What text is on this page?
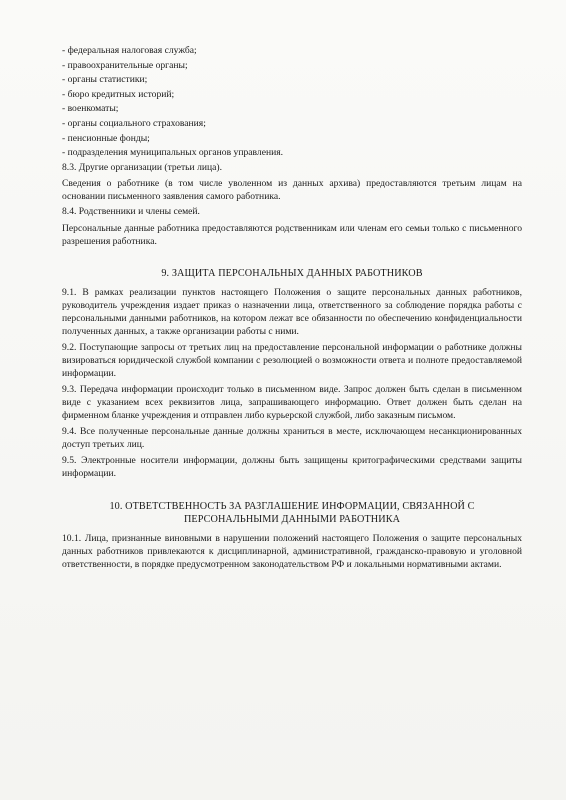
- федеральная налоговая служба;

- правоохранительные органы;

- органы статистики;

- бюро кредитных историй;

- военкоматы;

- органы социального страхования;

- пенсионные фонды;

- подразделения муниципальных органов управления.

8.3. Другие организации (третьи лица).

Сведения о работнике (в том числе уволенном из данных архива) предоставляются третьим лицам на основании письменного заявления самого работника.

8.4. Родственники и члены семей.

Персональные данные работника предоставляются родственникам или членам его семьи только с письменного разрешения работника.

9. ЗАЩИТА ПЕРСОНАЛЬНЫХ ДАННЫХ РАБОТНИКОВ

9.1. В рамках реализации пунктов настоящего Положения о защите персональных данных работников, руководитель учреждения издает приказ о назначении лица, ответственного за соблюдение порядка работы с персональными данными работников, на котором лежат все обязанности по обеспечению конфиденциальности полученных данных, а также организации работы с ними.

9.2. Поступающие запросы от третьих лиц на предоставление персональной информации о работнике должны визироваться юридической службой компании с резолюцией о возможности ответа и полноте предоставляемой информации.

9.3. Передача информации происходит только в письменном виде. Запрос должен быть сделан в письменном виде с указанием всех реквизитов лица, запрашивающего информацию. Ответ должен быть сделан на фирменном бланке учреждения и отправлен либо курьерской службой, либо заказным письмом.

9.4. Все полученные персональные данные должны храниться в месте, исключающем несанкционированных доступ третьих лиц.

9.5. Электронные носители информации, должны быть защищены критографическими средствами защиты информации.

10. ОТВЕТСТВЕННОСТЬ ЗА РАЗГЛАШЕНИЕ ИНФОРМАЦИИ, СВЯЗАННОЙ С
ПЕРСОНАЛЬНЫМИ ДАННЫМИ РАБОТНИКА

10.1. Лица, признанные виновными в нарушении положений настоящего Положения о защите персональных данных работников привлекаются к дисциплинарной, административной, гражданско-правовую и уголовной ответственности, в порядке предусмотренном законодательством РФ и локальными нормативными актами.
